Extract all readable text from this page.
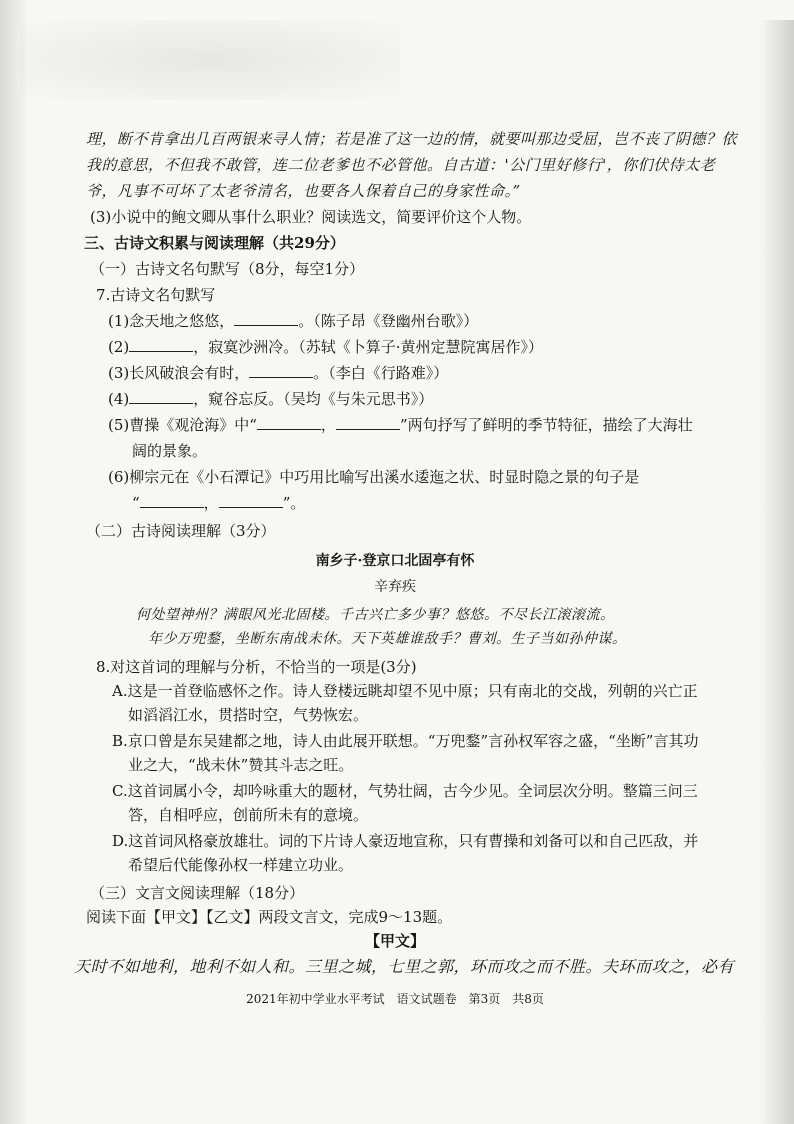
理，断不肯拿出几百两银来寻人情；若是准了这一边的情，就要叫那边受屈，岂不丧了阴德？依
我的意思，不但我不敢管，连二位老爹也不必管他。自古道：'公门里好修行'，你们伏侍太老
爷，凡事不可坏了太老爷清名，也要各人保着自己的身家性命。”
(3)小说中的鲍文卿从事什么职业？阅读选文，简要评价这个人物。
三、古诗文积累与阅读理解（共29分）
（一）古诗文名句默写（8分，每空1分）
7.古诗文名句默写
(1)念天地之悠悠，	。（陈子昂《登幽州台歌》）
(2)	，寂寞沙洲冷。（苏轼《卜算子·黄州定慧院寓居作》）
(3)长风破浪会有时，	。（李白《行路难》）
(4)	，窥谷忘反。（吴均《与朱元思书》）
(5)曹操《观沧海》中“	，	”两句抒写了鲜明的季节特征，描绘了大海壮
阔的景象。
(6)柳宗元在《小石潭记》中巧用比喻写出溪水逶迤之状、时显时隐之景的句子是
“	，	”。
（二）古诗阅读理解（3分）
南乡子·登京口北固亭有怀
辛弃疾
何处望神州？满眼风光北固楼。千古兴亡多少事？悠悠。不尽长江滚滚流。
年少万兜鍪，坐断东南战未休。天下英雄谁敌手？曹刘。生子当如孙仲谋。
8.对这首词的理解与分析，不恰当的一项是(3分)
A.这是一首登临感怀之作。诗人登楼远眺却望不见中原；只有南北的交战，列朝的兴亡正
如滔滔江水，贯搭时空，气势恢宏。
B.京口曾是东吴建都之地，诗人由此展开联想。“万兜鍪”言孙权军容之盛，“坐断”言其功
业之大，“战未休”赞其斗志之旺。
C.这首词属小令，却吟咏重大的题材，气势壮阔，古今少见。全词层次分明。整篇三问三
答，自相呼应，创前所未有的意境。
D.这首词风格豪放雄壮。词的下片诗人豪迈地宣称，只有曹操和刘备可以和自己匹敌，并
希望后代能像孙权一样建立功业。
（三）文言文阅读理解（18分）
阅读下面【甲文】【乙文】两段文言文，完成9～13题。
【甲文】
天时不如地利，地利不如人和。三里之城，七里之郭，环而攻之而不胜。夫环而攻之，必有
2021年初中学业水平考试　语文试题卷　第3页　共8页
